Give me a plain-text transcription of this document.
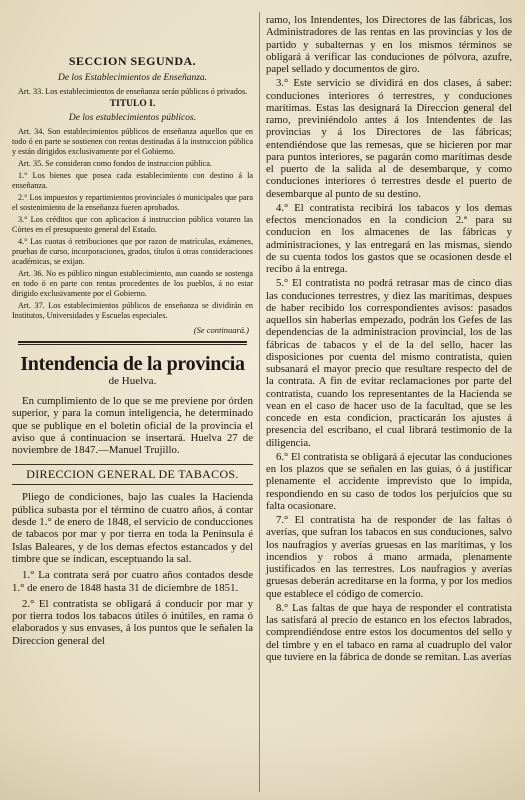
SECCION SEGUNDA.
De los Establecimientos de Enseñanza.

Art. 33. Los establecimientos de enseñanza serán públicos ó privados.

TITULO I.
De los establecimientos públicos.

Art. 34. Son establecimientos públicos de enseñanza aquellos que en todo ó en parte se sostienen con rentas destinadas á la instruccion pública y están dirigidos exclusivamente por el Gobierno.

Art. 35. Se consideran como fondos de instruccion pública.

1.° Los bienes que posea cada establecimiento con destino á la enseñanza.

2.° Los impuestos y repartimientos provinciales ó municipales que para el sostenimiento de la enseñanza fueren aprobados.

3.° Los créditos que con aplicacion á instruccion pública votaren las Córtes en el presupuesto general del Estado.

4.° Las cuotas ó retribuciones que por razon de matrículas, exámenes, pruebas de curso, incorporaciones, grados, títulos ú otras consideraciones académicas, se exijan.

Art. 36. No es público ningun establecimiento, aun cuando se sostenga en todo ó en parte con rentas procedentes de los pueblos, á no estar dirigido exclusivamente por el Gobierno.

Art. 37. Los establecimientos públicos de enseñanza se dividirán en Institutos, Universidades y Escuelas especiales.

(Se continuará.)
Intendencia de la provincia
de Huelva.

En cumplimiento de lo que se me previene por órden superior, y para la comun inteligencia, he determinado que se publique en el boletin oficial de la provincia el aviso que á continuacion se insertará. Huelva 27 de noviembre de 1847.—Manuel Trujillo.

DIRECCION GENERAL DE TABACOS.

Pliego de condiciones, bajo las cuales la Hacienda pública subasta por el término de cuatro años, á contar desde 1.° de enero de 1848, el servicio de conducciones de tabacos por mar y por tierra en toda la Península é Islas Baleares, y de los demas efectos estancados y del timbre que se indican, esceptuando la sal.

1.° La contrata será por cuatro años contados desde 1.° de enero de 1848 hasta 31 de diciembre de 1851.

2.° El contratista se obligará á conducir por mar y por tierra todos los tabacos útiles ó inútiles, en rama ó elaborados y sus envases, á los puntos que le señalen la Direccion general del

ramo, los Intendentes, los Directores de las fábricas, los Administradores de las rentas en las provincias y los de partido y subalternas y en los mismos términos se obligará á verificar las conduciones de pólvora, azufre, papel sellado y documentos de giro.

3.° Este servicio se dividirá en dos clases, á saber: conduciones interiores ó terrestres, y conduciones marítimas. Estas las designará la Direccion general del ramo, previniéndolo antes á los Intendentes de las provincias y á los Directores de las fábricas; entendiéndose que las remesas, que se hicieren por mar para puntos interiores, se pagarán como marítimas desde el puerto de la salida al de desembarque, y como conduciones interiores ó terrestres desde el puerto de desembarque al punto de su destino.

4.° El contratista recibirá los tabacos y los demas efectos mencionados en la condicion 2.ª para su conducion en los almacenes de las fábricas y administraciones, y las entregará en las mismas, siendo de su cuenta todos los gastos que se ocasionen desde el recibo á la entrega.

5.° El contratista no podrá retrasar mas de cinco dias las conduciones terrestres, y diez las marítimas, despues de haber recibido los correspondientes avisos: pasados aquellos sin haberlas empezado, podrán los Gefes de las dependencias de la administracion provincial, los de las fábricas de tabacos y el de la del sello, hacer las disposiciones por cuenta del mismo contratista, quien subsanará el mayor precio que resultare respecto del de la contrata. A fin de evitar reclamaciones por parte del contratista, cuando los representantes de la Hacienda se vean en el caso de hacer uso de la facultad, que se les concede en esta condicion, practicarán los ajustes á presencia del escribano, el cual librará testimonio de la diligencia.

6.° El contratista se obligará á ejecutar las conduciones en los plazos que se señalen en las guias, ó á justificar plenamente el accidente imprevisto que lo impida, respondiendo en su caso de todos los perjuicios que su falta ocasionare.

7.° El contratista ha de responder de las faltas ó averías, que sufran los tabacos en sus conduciones, salvo los naufragios y averías gruesas en las marítimas, y los incendios y robos á mano armada, plenamente justificados en las terrestres. Los naufragios y averías gruesas deberán acreditarse en la forma, y por los medios que establece el código de comercio.

8.° Las faltas de que haya de responder el contratista las satisfará al precio de estanco en los efectos labrados, comprendiéndose entre estos los documentos del sello y del timbre y en el tabaco en rama al cuadruplo del valor que tuviere en la fábrica de donde se remitan. Las averías
